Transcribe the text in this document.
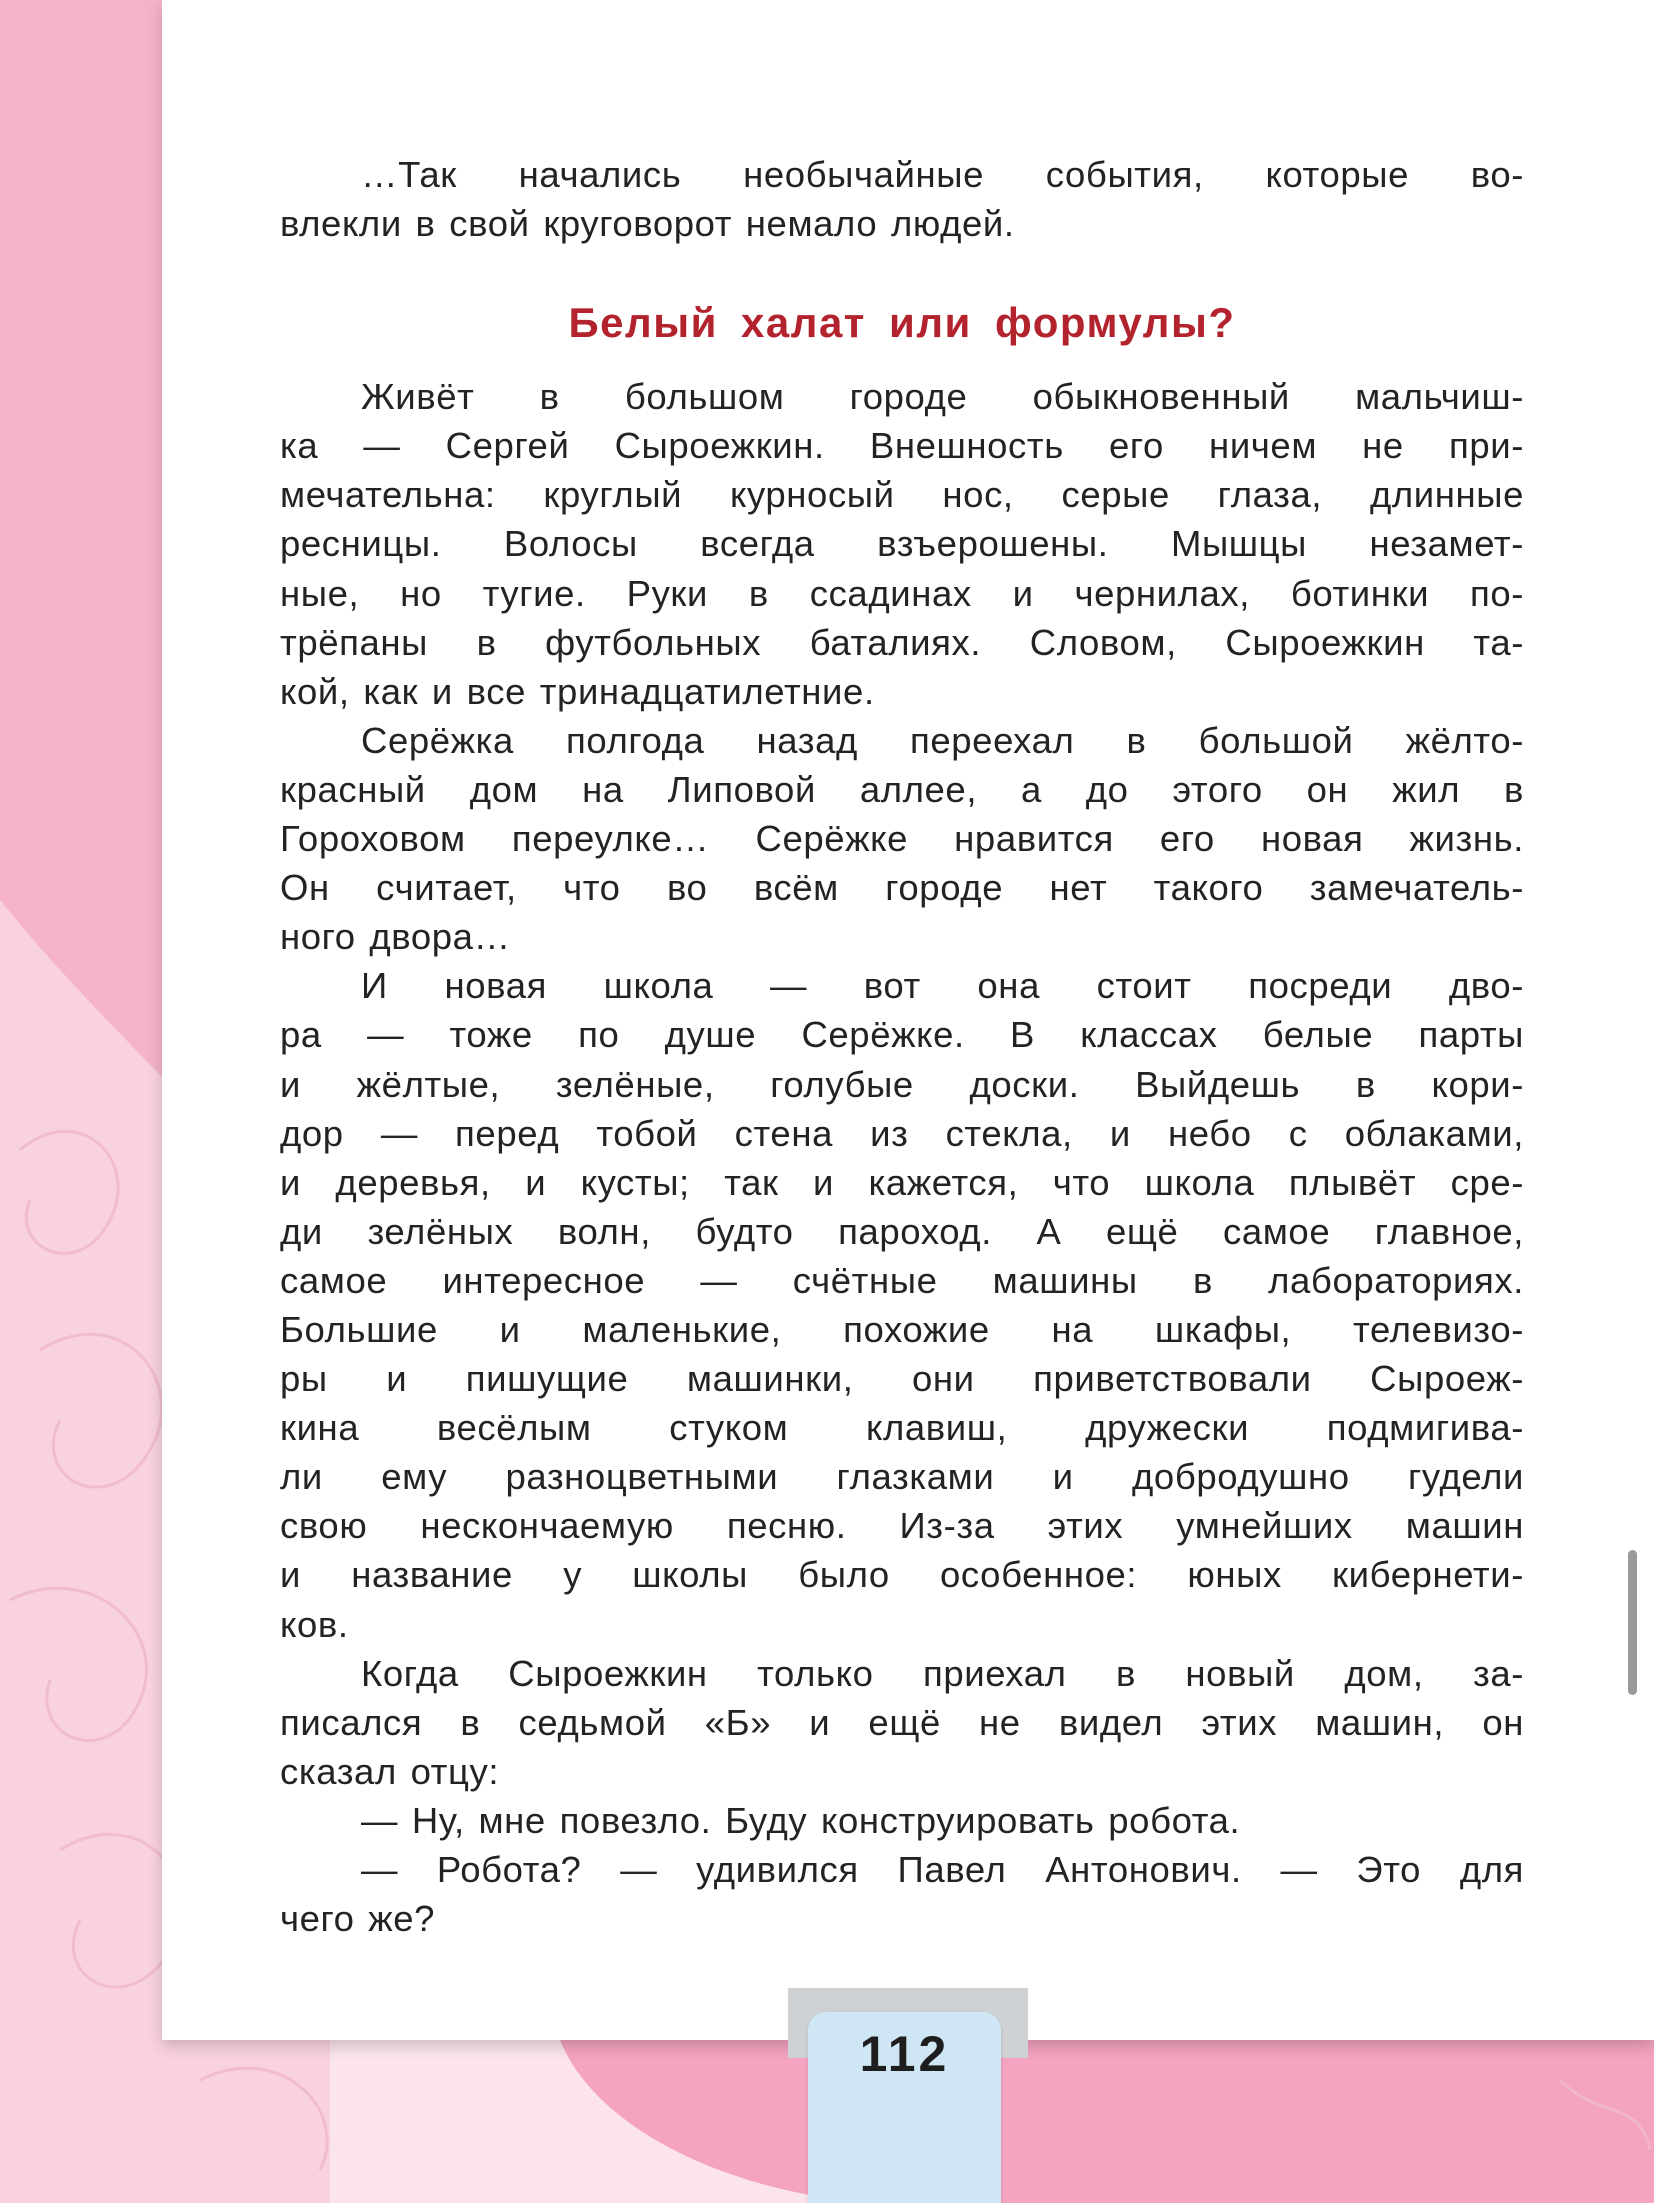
…Так начались необычайные события, которые во-

влекли в свой круговорот немало людей.

Белый халат или формулы?

Живёт в большом городе обыкновенный мальчиш-

ка — Сергей Сыроежкин. Внешность его ничем не при-

мечательна: круглый курносый нос, серые глаза, длинные

ресницы. Волосы всегда взъерошены. Мышцы незамет-

ные, но тугие. Руки в ссадинах и чернилах, ботинки по-

трёпаны в футбольных баталиях. Словом, Сыроежкин та-

кой, как и все тринадцатилетние.

Серёжка полгода назад переехал в большой жёлто-

красный дом на Липовой аллее, а до этого он жил в

Гороховом переулке… Серёжке нравится его новая жизнь.

Он считает, что во всём городе нет такого замечатель-

ного двора…

И новая школа — вот она стоит посреди дво-

ра — тоже по душе Серёжке. В классах белые парты

и жёлтые, зелёные, голубые доски. Выйдешь в кори-

дор — перед тобой стена из стекла, и небо с облаками,

и деревья, и кусты; так и кажется, что школа плывёт сре-

ди зелёных волн, будто пароход. А ещё самое главное,

самое интересное — счётные машины в лабораториях.

Большие и маленькие, похожие на шкафы, телевизо-

ры и пишущие машинки, они приветствовали Сыроеж-

кина весёлым стуком клавиш, дружески подмигива-

ли ему разноцветными глазками и добродушно гудели

свою нескончаемую песню. Из-за этих умнейших машин

и название у школы было особенное: юных кибернети-

ков.

Когда Сыроежкин только приехал в новый дом, за-

писался в седьмой «Б» и ещё не видел этих машин, он

сказал отцу:

— Ну, мне повезло. Буду конструировать робота.

— Робота? — удивился Павел Антонович. — Это для

чего же?

112
